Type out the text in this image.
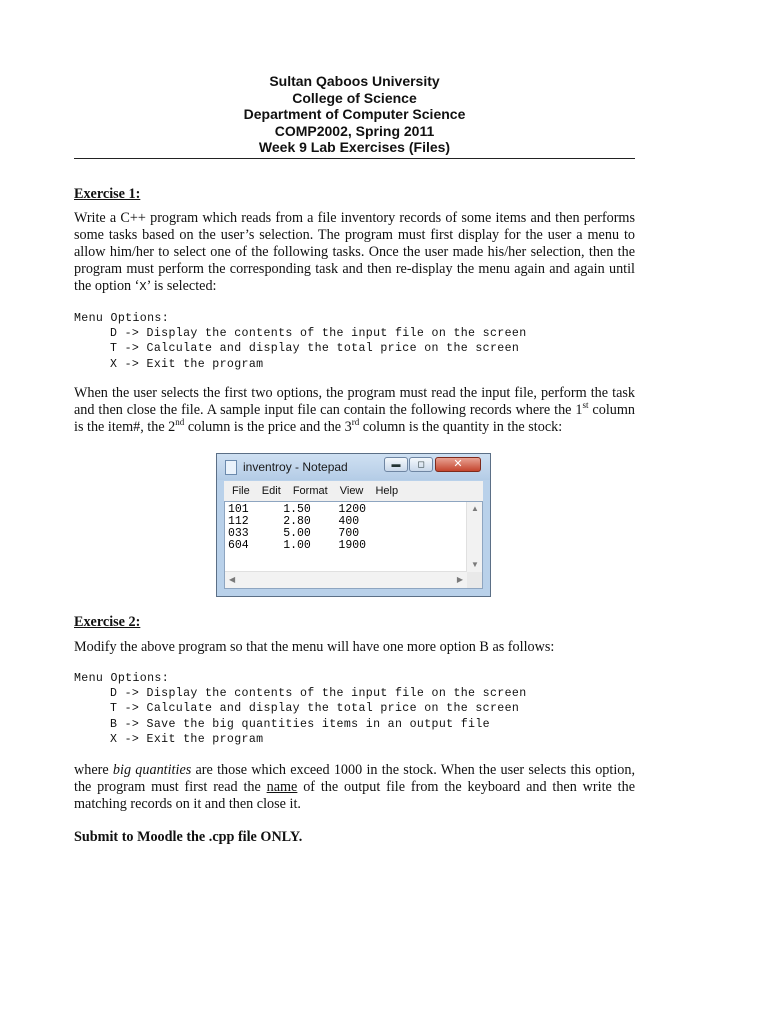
Sultan Qaboos University
College of Science
Department of Computer Science
COMP2002, Spring 2011
Week 9 Lab Exercises (Files)
Exercise 1:
Write a C++ program which reads from a file inventory records of some items and then performs some tasks based on the user’s selection. The program must first display for the user a menu to allow him/her to select one of the following tasks. Once the user made his/her selection, then the program must perform the corresponding task and then re-display the menu again and again until the option ‘X’ is selected:
Menu Options:
D -> Display the contents of the input file on the screen
T -> Calculate and display the total price on the screen
X -> Exit the program
When the user selects the first two options, the program must read the input file, perform the task and then close the file. A sample input file can contain the following records where the 1st column is the item#, the 2nd column is the price and the 3rd column is the quantity in the stock:
Exercise 2:
Modify the above program so that the menu will have one more option B as follows:
Menu Options:
D -> Display the contents of the input file on the screen
T -> Calculate and display the total price on the screen
B -> Save the big quantities items in an output file
X -> Exit the program
where big quantities are those which exceed 1000 in the stock. When the user selects this option, the program must first read the name of the output file from the keyboard and then write the matching records on it and then close it.
Submit to Moodle the .cpp file ONLY.
inventroy - Notepad	▬	◻	✕
File Edit Format View Help
101     1.50    1200
112     2.80    400
033     5.00    700
604     1.00    1900
▲
▼
◀	▶
